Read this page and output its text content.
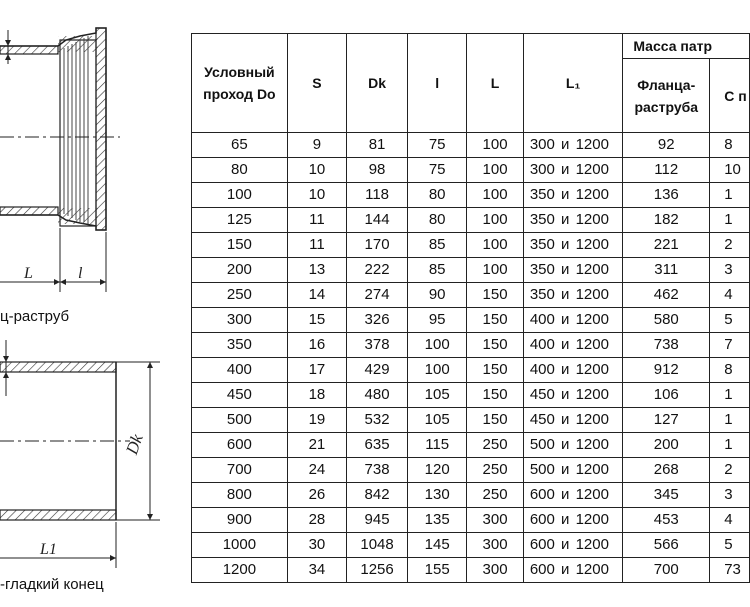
L	l
Dk
L1
ц-раструб
-гладкий конец
Условный проход Do	S	Dk	l	L	L₁	Масса патр	
						Фланца-раструба	С п
65	9	81	75	100	300 и 1200	92	8
80	10	98	75	100	300 и 1200	112	10
100	10	118	80	100	350 и 1200	136	1
125	11	144	80	100	350 и 1200	182	1
150	11	170	85	100	350 и 1200	221	2
200	13	222	85	100	350 и 1200	311	3
250	14	274	90	150	350 и 1200	462	4
300	15	326	95	150	400 и 1200	580	5
350	16	378	100	150	400 и 1200	738	7
400	17	429	100	150	400 и 1200	912	8
450	18	480	105	150	450 и 1200	106	1
500	19	532	105	150	450 и 1200	127	1
600	21	635	115	250	500 и 1200	200	1
700	24	738	120	250	500 и 1200	268	2
800	26	842	130	250	600 и 1200	345	3
900	28	945	135	300	600 и 1200	453	4
1000	30	1048	145	300	600 и 1200	566	5
1200	34	1256	155	300	600 и 1200	700	73
